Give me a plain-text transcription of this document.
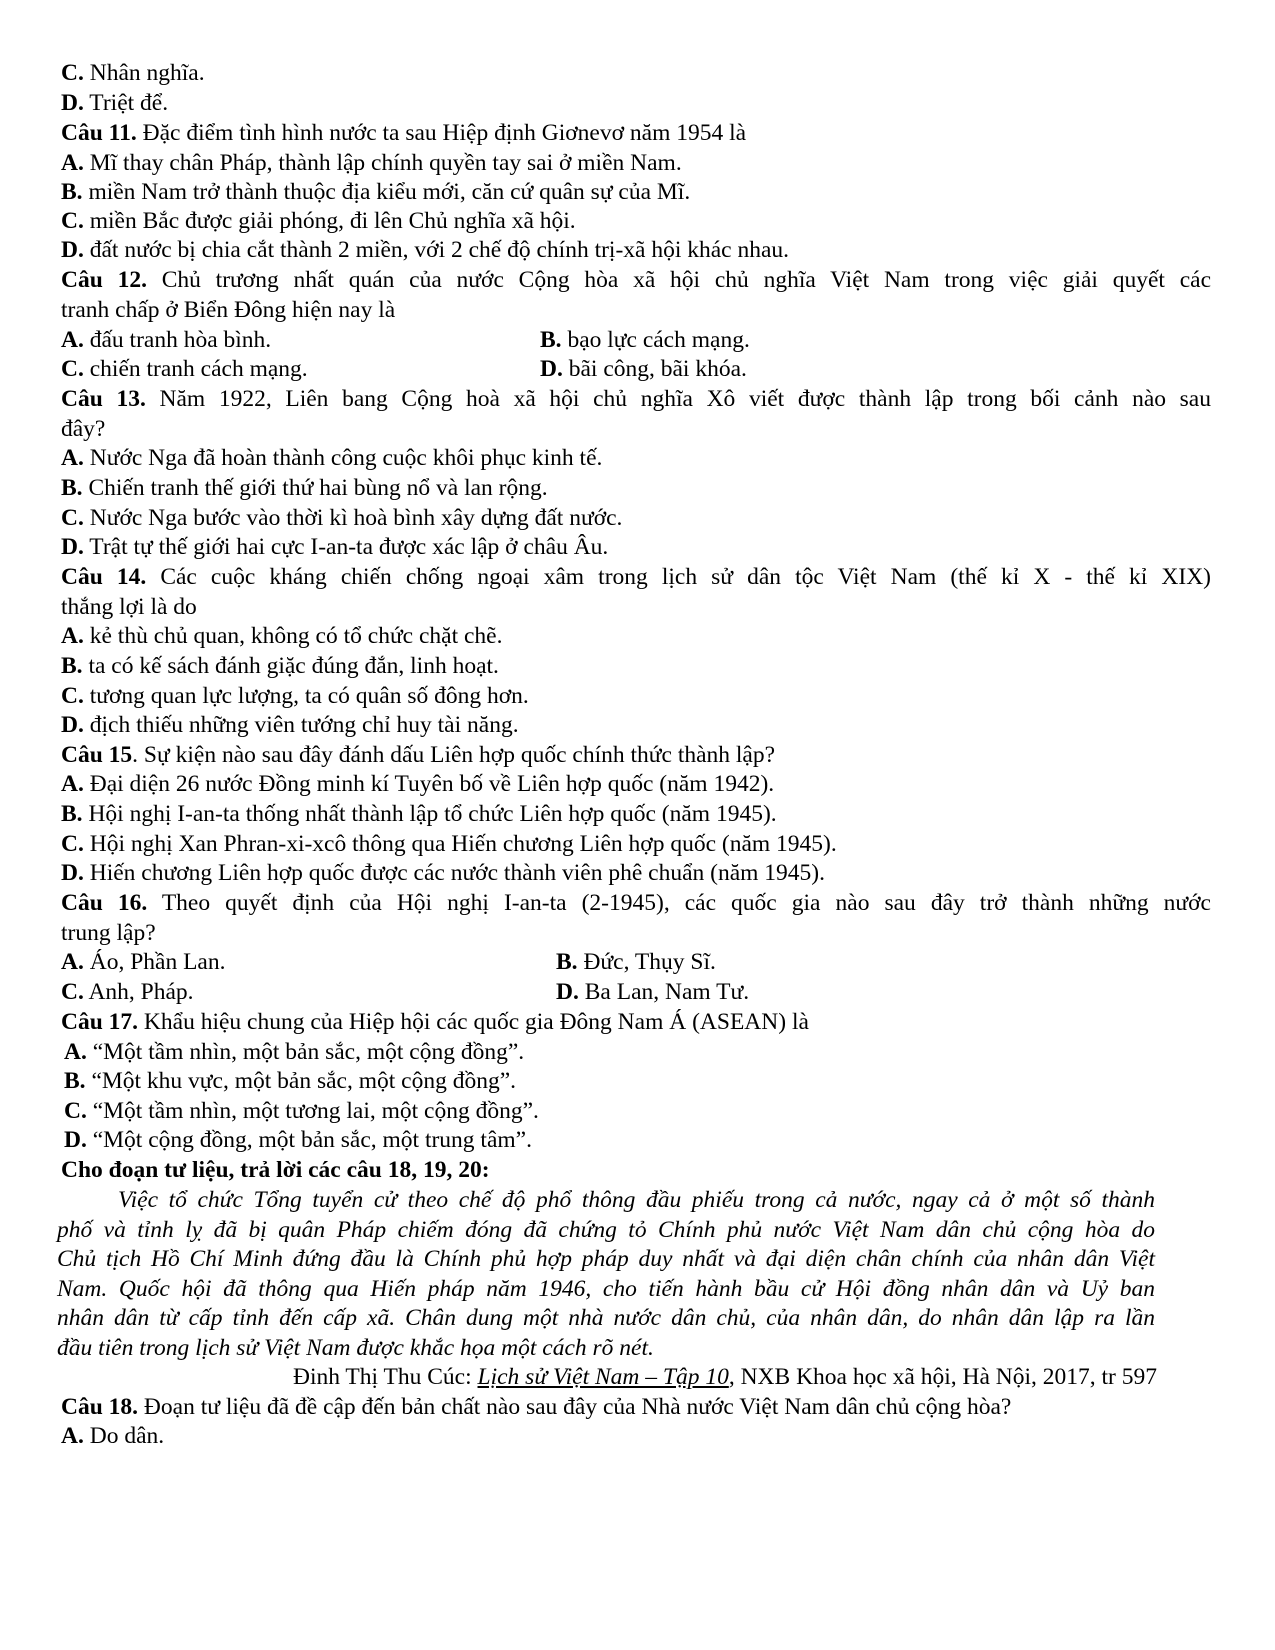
C. Nhân nghĩa.
D. Triệt để.
Câu 11. Đặc điểm tình hình nước ta sau Hiệp định Giơnevơ năm 1954 là
A. Mĩ thay chân Pháp, thành lập chính quyền tay sai ở miền Nam.
B. miền Nam trở thành thuộc địa kiểu mới, căn cứ quân sự của Mĩ.
C. miền Bắc được giải phóng, đi lên Chủ nghĩa xã hội.
D. đất nước bị chia cắt thành 2 miền, với 2 chế độ chính trị-xã hội khác nhau.
Câu 12. Chủ trương nhất quán của nước Cộng hòa xã hội chủ nghĩa Việt Nam trong việc giải quyết các
tranh chấp ở Biển Đông hiện nay là
A. đấu tranh hòa bình.	B. bạo lực cách mạng.
C. chiến tranh cách mạng.	D. bãi công, bãi khóa.
Câu 13. Năm 1922, Liên bang Cộng hoà xã hội chủ nghĩa Xô viết được thành lập trong bối cảnh nào sau
đây?
A. Nước Nga đã hoàn thành công cuộc khôi phục kinh tế.
B. Chiến tranh thế giới thứ hai bùng nổ và lan rộng.
C. Nước Nga bước vào thời kì hoà bình xây dựng đất nước.
D. Trật tự thế giới hai cực I-an-ta được xác lập ở châu Âu.
Câu 14. Các cuộc kháng chiến chống ngoại xâm trong lịch sử dân tộc Việt Nam (thế kỉ X - thế kỉ XIX)
thắng lợi là do
A. kẻ thù chủ quan, không có tổ chức chặt chẽ.
B. ta có kế sách đánh giặc đúng đắn, linh hoạt.
C. tương quan lực lượng, ta có quân số đông hơn.
D. địch thiếu những viên tướng chỉ huy tài năng.
Câu 15. Sự kiện nào sau đây đánh dấu Liên hợp quốc chính thức thành lập?
A. Đại diện 26 nước Đồng minh kí Tuyên bố về Liên hợp quốc (năm 1942).
B. Hội nghị I-an-ta thống nhất thành lập tổ chức Liên hợp quốc (năm 1945).
C. Hội nghị Xan Phran-xi-xcô thông qua Hiến chương Liên hợp quốc (năm 1945).
D. Hiến chương Liên hợp quốc được các nước thành viên phê chuẩn (năm 1945).
Câu 16. Theo quyết định của Hội nghị I-an-ta (2-1945), các quốc gia nào sau đây trở thành những nước
trung lập?
A. Áo, Phần Lan.	B. Đức, Thụy Sĩ.
C. Anh, Pháp.	D. Ba Lan, Nam Tư.
Câu 17. Khẩu hiệu chung của Hiệp hội các quốc gia Đông Nam Á (ASEAN) là
A. “Một tầm nhìn, một bản sắc, một cộng đồng”.
B. “Một khu vực, một bản sắc, một cộng đồng”.
C. “Một tầm nhìn, một tương lai, một cộng đồng”.
D. “Một cộng đồng, một bản sắc, một trung tâm”.
Cho đoạn tư liệu, trả lời các câu 18, 19, 20:
Việc tổ chức Tổng tuyển cử theo chế độ phổ thông đầu phiếu trong cả nước, ngay cả ở một số thành
phố và tỉnh lỵ đã bị quân Pháp chiếm đóng đã chứng tỏ Chính phủ nước Việt Nam dân chủ cộng hòa do
Chủ tịch Hồ Chí Minh đứng đầu là Chính phủ hợp pháp duy nhất và đại diện chân chính của nhân dân Việt
Nam. Quốc hội đã thông qua Hiến pháp năm 1946, cho tiến hành bầu cử Hội đồng nhân dân và Uỷ ban
nhân dân từ cấp tỉnh đến cấp xã. Chân dung một nhà nước dân chủ, của nhân dân, do nhân dân lập ra lần
đầu tiên trong lịch sử Việt Nam được khắc họa một cách rõ nét.
Đinh Thị Thu Cúc: Lịch sử Việt Nam – Tập 10, NXB Khoa học xã hội, Hà Nội, 2017, tr 597
Câu 18. Đoạn tư liệu đã đề cập đến bản chất nào sau đây của Nhà nước Việt Nam dân chủ cộng hòa?
A. Do dân.
